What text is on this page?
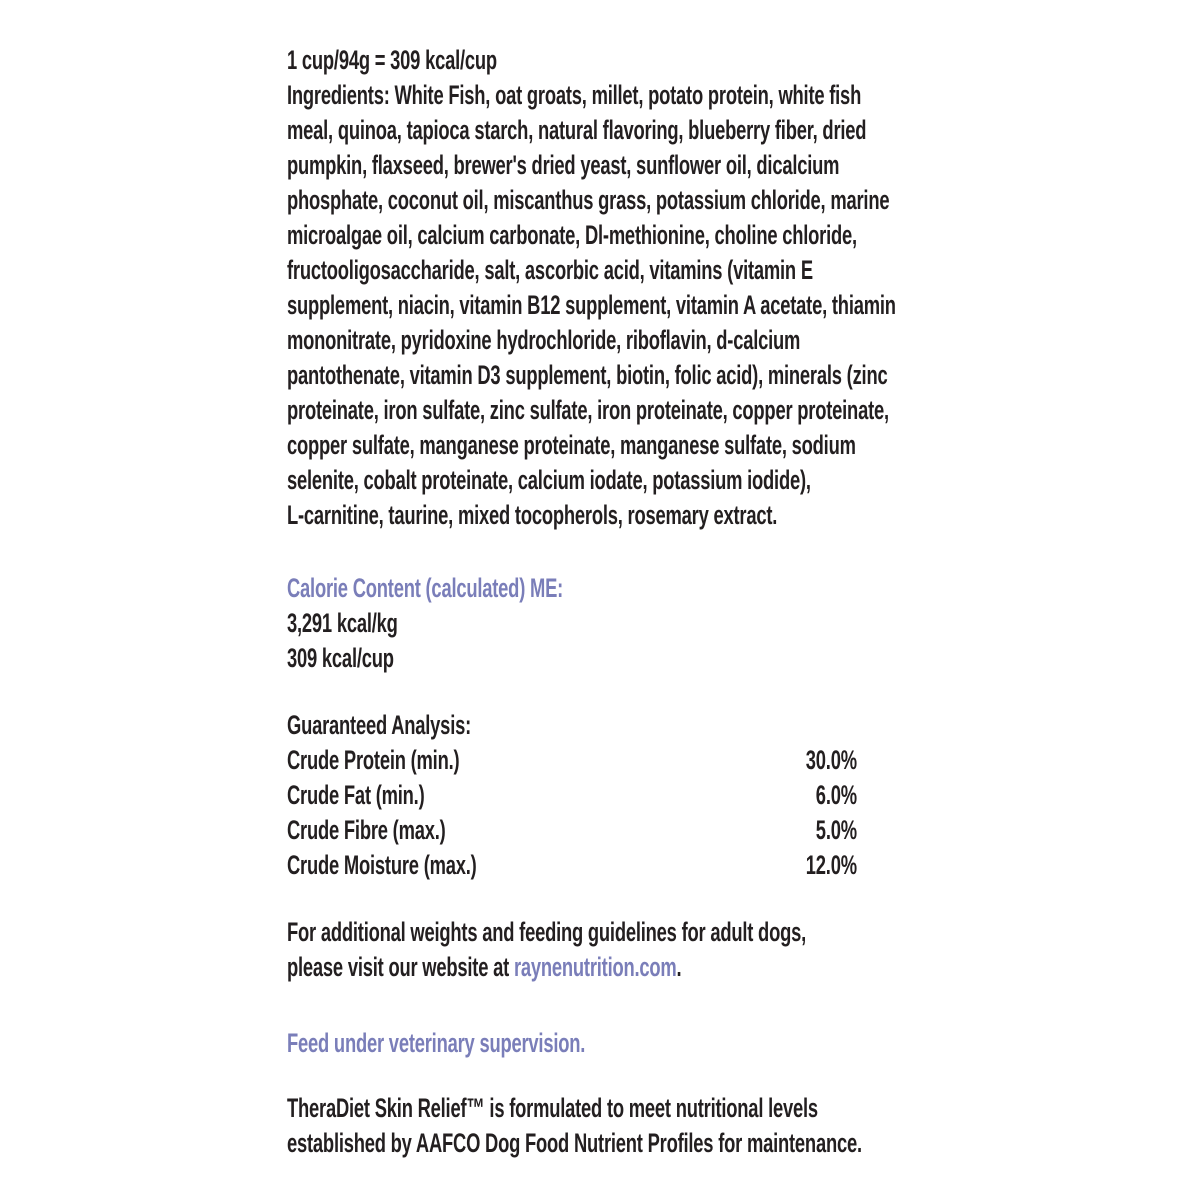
1 cup/94g = 309 kcal/cup
Ingredients: White Fish, oat groats, millet, potato protein, white fish
meal, quinoa, tapioca starch, natural flavoring, blueberry fiber, dried
pumpkin, flaxseed, brewer's dried yeast, sunflower oil, dicalcium
phosphate, coconut oil, miscanthus grass, potassium chloride, marine
microalgae oil, calcium carbonate, Dl-methionine, choline chloride,
fructooligosaccharide, salt, ascorbic acid, vitamins (vitamin E
supplement, niacin, vitamin B12 supplement, vitamin A acetate, thiamin
mononitrate, pyridoxine hydrochloride, riboflavin, d-calcium
pantothenate, vitamin D3 supplement, biotin, folic acid), minerals (zinc
proteinate, iron sulfate, zinc sulfate, iron proteinate, copper proteinate,
copper sulfate, manganese proteinate, manganese sulfate, sodium
selenite, cobalt proteinate, calcium iodate, potassium iodide),
L-carnitine, taurine, mixed tocopherols, rosemary extract.
Calorie Content (calculated) ME:
3,291 kcal/kg
309 kcal/cup
Guaranteed Analysis:
Crude Protein (min.)	30.0%
Crude Fat (min.)	6.0%
Crude Fibre (max.)	5.0%
Crude Moisture (max.)	12.0%
For additional weights and feeding guidelines for adult dogs,
please visit our website at raynenutrition.com.
Feed under veterinary supervision.
TheraDiet Skin Relief™ is formulated to meet nutritional levels
established by AAFCO Dog Food Nutrient Profiles for maintenance.
